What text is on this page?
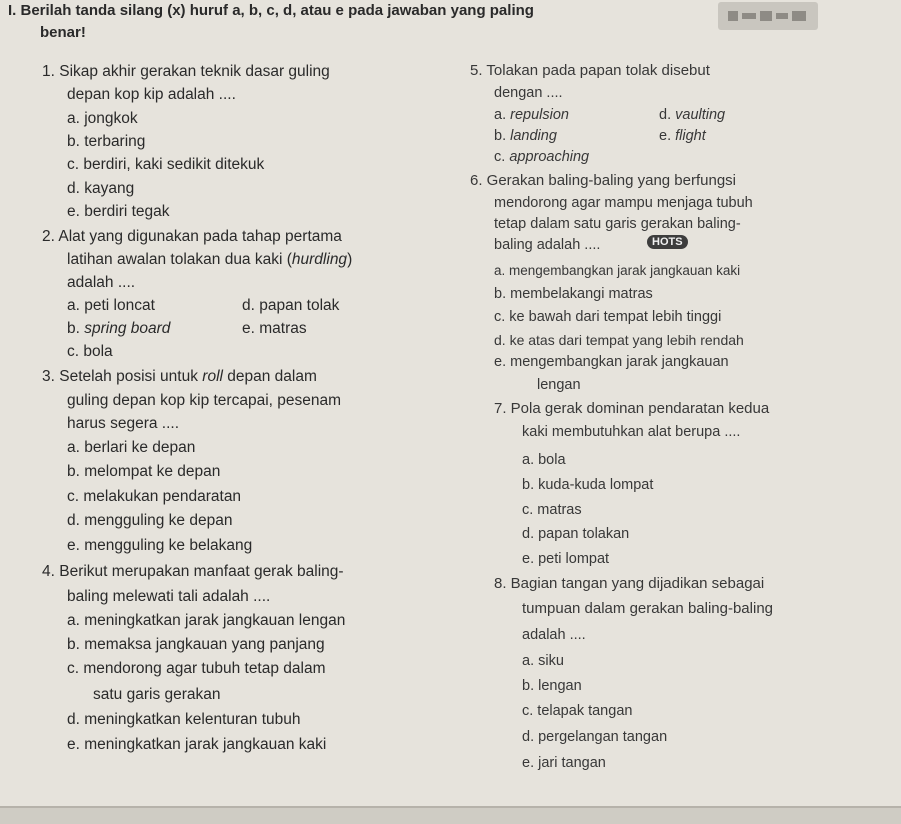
I. Berilah tanda silang (x) huruf a, b, c, d, atau e pada jawaban yang paling
benar!
1. Sikap akhir gerakan teknik dasar guling
depan kop kip adalah ....
a. jongkok
b. terbaring
c. berdiri, kaki sedikit ditekuk
d. kayang
e. berdiri tegak
2. Alat yang digunakan pada tahap pertama
latihan awalan tolakan dua kaki (hurdling)
adalah ....
a. peti loncat	d. papan tolak
b. spring board	e. matras
c. bola
3. Setelah posisi untuk roll depan dalam
guling depan kop kip tercapai, pesenam
harus segera ....
a. berlari ke depan
b. melompat ke depan
c. melakukan pendaratan
d. mengguling ke depan
e. mengguling ke belakang
4. Berikut merupakan manfaat gerak baling-
baling melewati tali adalah ....
a. meningkatkan jarak jangkauan lengan
b. memaksa jangkauan yang panjang
c. mendorong agar tubuh tetap dalam
satu garis gerakan
d. meningkatkan kelenturan tubuh
e. meningkatkan jarak jangkauan kaki
5. Tolakan pada papan tolak disebut
dengan ....
a. repulsion	d. vaulting
b. landing	e. flight
c. approaching
6. Gerakan baling-baling yang berfungsi
mendorong agar mampu menjaga tubuh
tetap dalam satu garis gerakan baling-
baling adalah ....	HOTS
a. mengembangkan jarak jangkauan kaki
b. membelakangi matras
c. ke bawah dari tempat lebih tinggi
d. ke atas dari tempat yang lebih rendah
e. mengembangkan jarak jangkauan
lengan
7. Pola gerak dominan pendaratan kedua
kaki membutuhkan alat berupa ....
a. bola
b. kuda-kuda lompat
c. matras
d. papan tolakan
e. peti lompat
8. Bagian tangan yang dijadikan sebagai
tumpuan dalam gerakan baling-baling
adalah ....
a. siku
b. lengan
c. telapak tangan
d. pergelangan tangan
e. jari tangan
